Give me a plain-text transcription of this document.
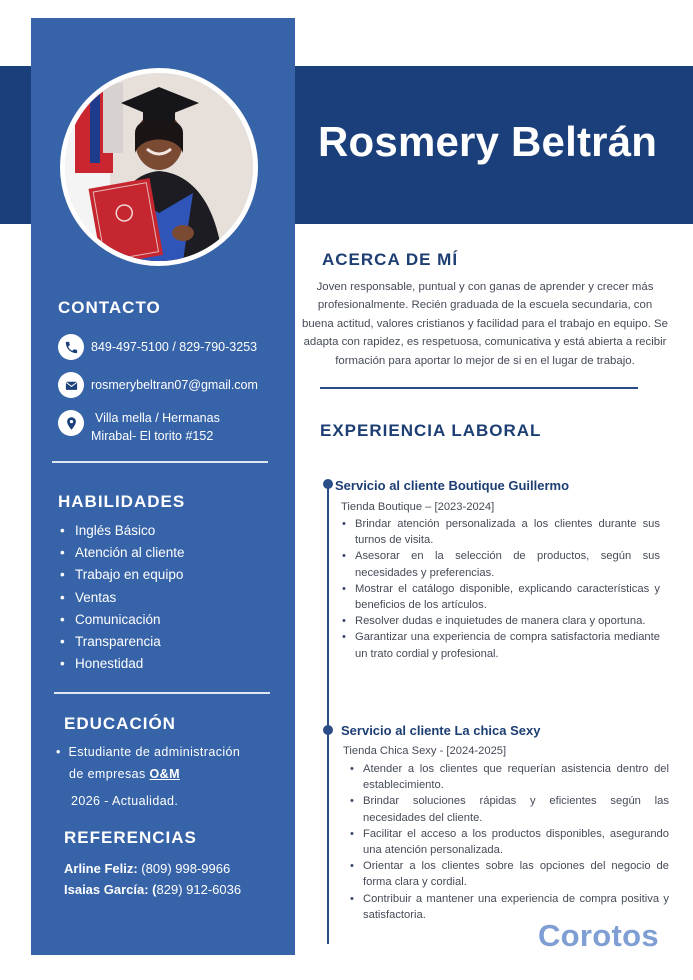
Rosmery Beltrán
CONTACTO
849-497-5100 / 829-790-3253
rosmerybeltran07@gmail.com
Villa mella / Hermanas
Mirabal- El torito #152
HABILIDADES
• Inglés Básico
• Atención al cliente
• Trabajo en equipo
• Ventas
• Comunicación
• Transparencia
• Honestidad
EDUCACIÓN
•  Estudiante de administración
de empresas O&M
2026 - Actualidad.
REFERENCIAS
Arline Feliz: (809) 998-9966
Isaias García: (829) 912-6036
ACERCA DE MÍ
Joven responsable, puntual y con ganas de aprender y crecer más profesionalmente. Recién graduada de la escuela secundaria, con buena actitud, valores cristianos y facilidad para el trabajo en equipo. Se adapta con rapidez, es respetuosa, comunicativa y está abierta a recibir formación para aportar lo mejor de si en el lugar de trabajo.
EXPERIENCIA LABORAL
Servicio al cliente Boutique Guillermo
Tienda Boutique – [2023-2024]
• Brindar atención personalizada a los clientes durante sus turnos de visita.
• Asesorar en la selección de productos, según sus necesidades y preferencias.
• Mostrar el catálogo disponible, explicando características y beneficios de los artículos.
• Resolver dudas e inquietudes de manera clara y oportuna.
• Garantizar una experiencia de compra satisfactoria mediante un trato cordial y profesional.
Servicio al cliente La chica Sexy
Tienda Chica Sexy - [2024-2025]
• Atender a los clientes que requerían asistencia dentro del establecimiento.
• Brindar soluciones rápidas y eficientes según las necesidades del cliente.
• Facilitar el acceso a los productos disponibles, asegurando una atención personalizada.
• Orientar a los clientes sobre las opciones del negocio de forma clara y cordial.
• Contribuir a mantener una experiencia de compra positiva y satisfactoria.
Corotos
